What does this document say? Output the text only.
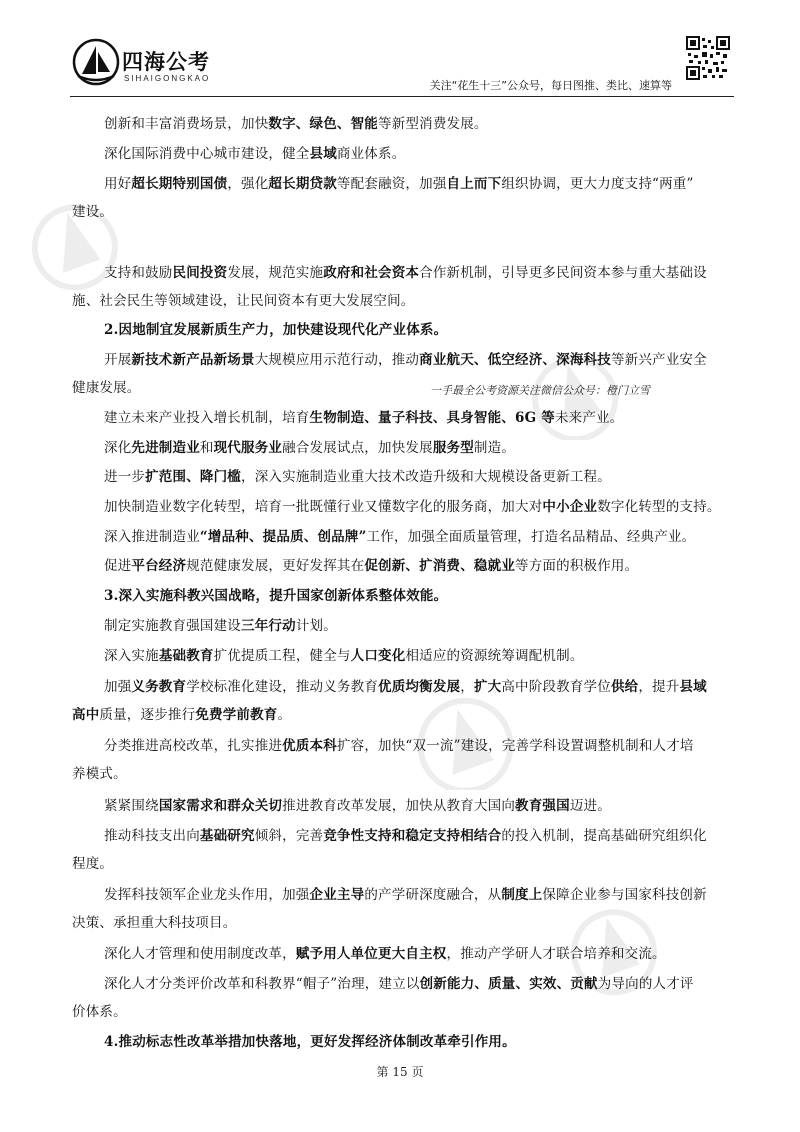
四海公考
SIHAIGONGKAO
关注“花生十三”公众号，每日图推、类比、速算等
创新和丰富消费场景，加快数字、绿色、智能等新型消费发展。
深化国际消费中心城市建设，健全县域商业体系。
用好超长期特别国债，强化超长期贷款等配套融资，加强自上而下组织协调，更大力度支持“两重”
建设。
支持和鼓励民间投资发展，规范实施政府和社会资本合作新机制，引导更多民间资本参与重大基础设
施、社会民生等领域建设，让民间资本有更大发展空间。
2.因地制宜发展新质生产力，加快建设现代化产业体系。
开展新技术新产品新场景大规模应用示范行动，推动商业航天、低空经济、深海科技等新兴产业安全
健康发展。
建立未来产业投入增长机制，培育生物制造、量子科技、具身智能、6G 等未来产业。
深化先进制造业和现代服务业融合发展试点，加快发展服务型制造。
进一步扩范围、降门槛，深入实施制造业重大技术改造升级和大规模设备更新工程。
加快制造业数字化转型，培育一批既懂行业又懂数字化的服务商，加大对中小企业数字化转型的支持。
深入推进制造业“增品种、提品质、创品牌”工作，加强全面质量管理，打造名品精品、经典产业。
促进平台经济规范健康发展，更好发挥其在促创新、扩消费、稳就业等方面的积极作用。
3.深入实施科教兴国战略，提升国家创新体系整体效能。
制定实施教育强国建设三年行动计划。
深入实施基础教育扩优提质工程，健全与人口变化相适应的资源统筹调配机制。
加强义务教育学校标准化建设，推动义务教育优质均衡发展，扩大高中阶段教育学位供给，提升县域
高中质量，逐步推行免费学前教育。
分类推进高校改革，扎实推进优质本科扩容，加快“双一流”建设，完善学科设置调整机制和人才培
养模式。
紧紧围绕国家需求和群众关切推进教育改革发展，加快从教育大国向教育强国迈进。
推动科技支出向基础研究倾斜，完善竞争性支持和稳定支持相结合的投入机制，提高基础研究组织化
程度。
发挥科技领军企业龙头作用，加强企业主导的产学研深度融合，从制度上保障企业参与国家科技创新
决策、承担重大科技项目。
深化人才管理和使用制度改革，赋予用人单位更大自主权，推动产学研人才联合培养和交流。
深化人才分类评价改革和科教界“帽子”治理，建立以创新能力、质量、实效、贡献为导向的人才评
价体系。
4.推动标志性改革举措加快落地，更好发挥经济体制改革牵引作用。
一手最全公考资源关注微信公众号：橙门立雪
第 15 页
